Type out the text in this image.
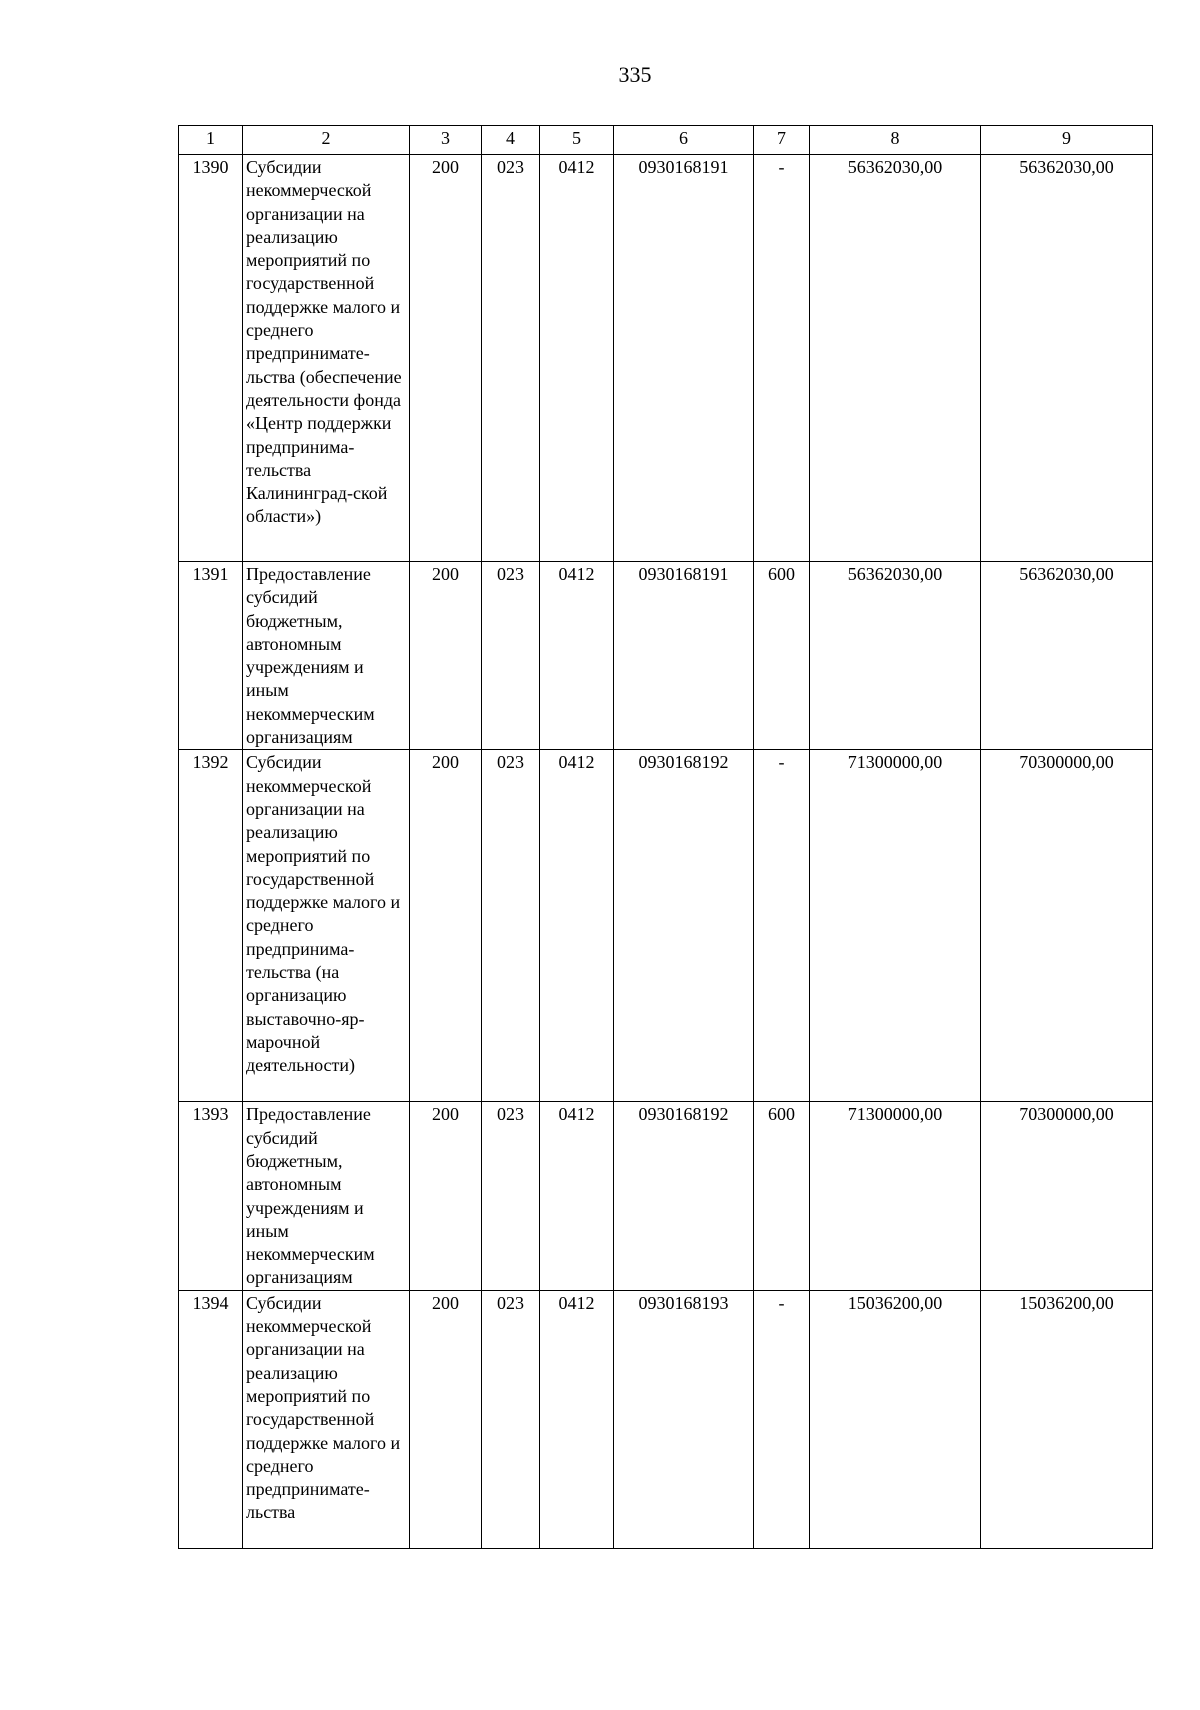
335
1	2	3	4	5	6	7	8	9
1390	Субсидии некоммерческой организации на реализацию мероприятий по государственной поддержке малого и среднего предпринимате-льства (обеспечение деятельности фонда «Центр поддержки предпринима-тельства Калининград-ской области»)	200	023	0412	0930168191	-	56362030,00	56362030,00
1391	Предоставление субсидий бюджетным, автономным учреждениям и иным некоммерческим организациям	200	023	0412	0930168191	600	56362030,00	56362030,00
1392	Субсидии некоммерческой организации на реализацию мероприятий по государственной поддержке малого и среднего предпринима-тельства (на организацию выставочно-яр-марочной деятельности)	200	023	0412	0930168192	-	71300000,00	70300000,00
1393	Предоставление субсидий бюджетным, автономным учреждениям и иным некоммерческим организациям	200	023	0412	0930168192	600	71300000,00	70300000,00
1394	Субсидии некоммерческой организации на реализацию мероприятий по государственной поддержке малого и среднего предпринимате-льства	200	023	0412	0930168193	-	15036200,00	15036200,00
